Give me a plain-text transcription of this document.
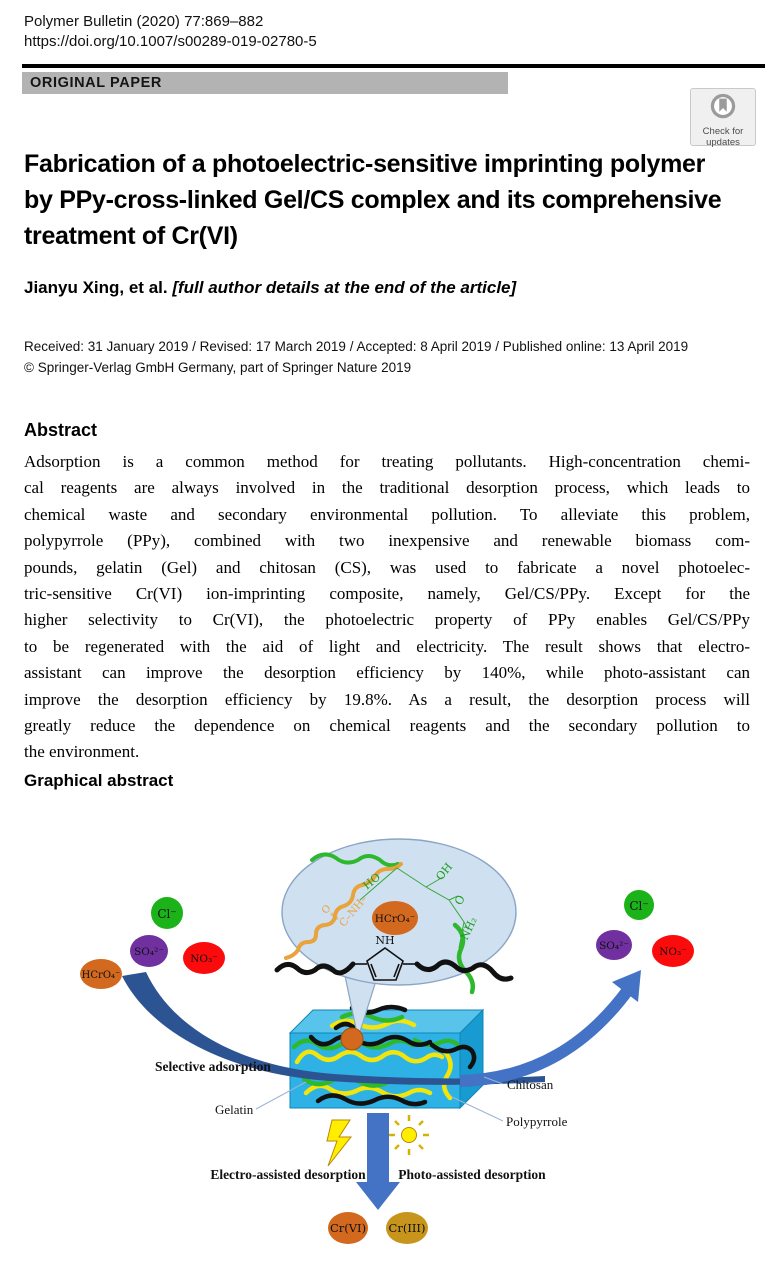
Polymer Bulletin (2020) 77:869–882
https://doi.org/10.1007/s00289-019-02780-5
ORIGINAL PAPER
Check for
updates
Fabrication of a photoelectric-sensitive imprinting polymer
by PPy-cross-linked Gel/CS complex and its comprehensive
treatment of Cr(VI)
Jianyu Xing, et al. [full author details at the end of the article]
Received: 31 January 2019 / Revised: 17 March 2019 / Accepted: 8 April 2019 / Published online: 13 April 2019
© Springer-Verlag GmbH Germany, part of Springer Nature 2019
Abstract
Adsorption is a common method for treating pollutants. High-concentration chemi-
cal reagents are always involved in the traditional desorption process, which leads to
chemical waste and secondary environmental pollution. To alleviate this problem,
polypyrrole (PPy), combined with two inexpensive and renewable biomass com-
pounds, gelatin (Gel) and chitosan (CS), was used to fabricate a novel photoelec-
tric-sensitive Cr(VI) ion-imprinting composite, namely, Gel/CS/PPy. Except for the
higher selectivity to Cr(VI), the photoelectric property of PPy enables Gel/CS/PPy
to be regenerated with the aid of light and electricity. The result shows that electro-
assistant can improve the desorption efficiency by 140%, while photo-assistant can
improve the desorption efficiency by 19.8%. As a result, the desorption process will
greatly reduce the dependence on chemical reagents and the secondary pollution to
the environment.
Graphical abstract
NH
HO	OH
O
NH₂
O
‖
C–NH– HCrO₄⁻
Cl⁻
SO₄²⁻
NO₃⁻
HCrO₄⁻
Cl⁻
SO₄²⁻	NO₃⁻
Selective adsorption
Gelatin
Chitosan
Polypyrrole
Electro-assisted desorption Photo-assisted desorption
Cr(VI) Cr(III)
